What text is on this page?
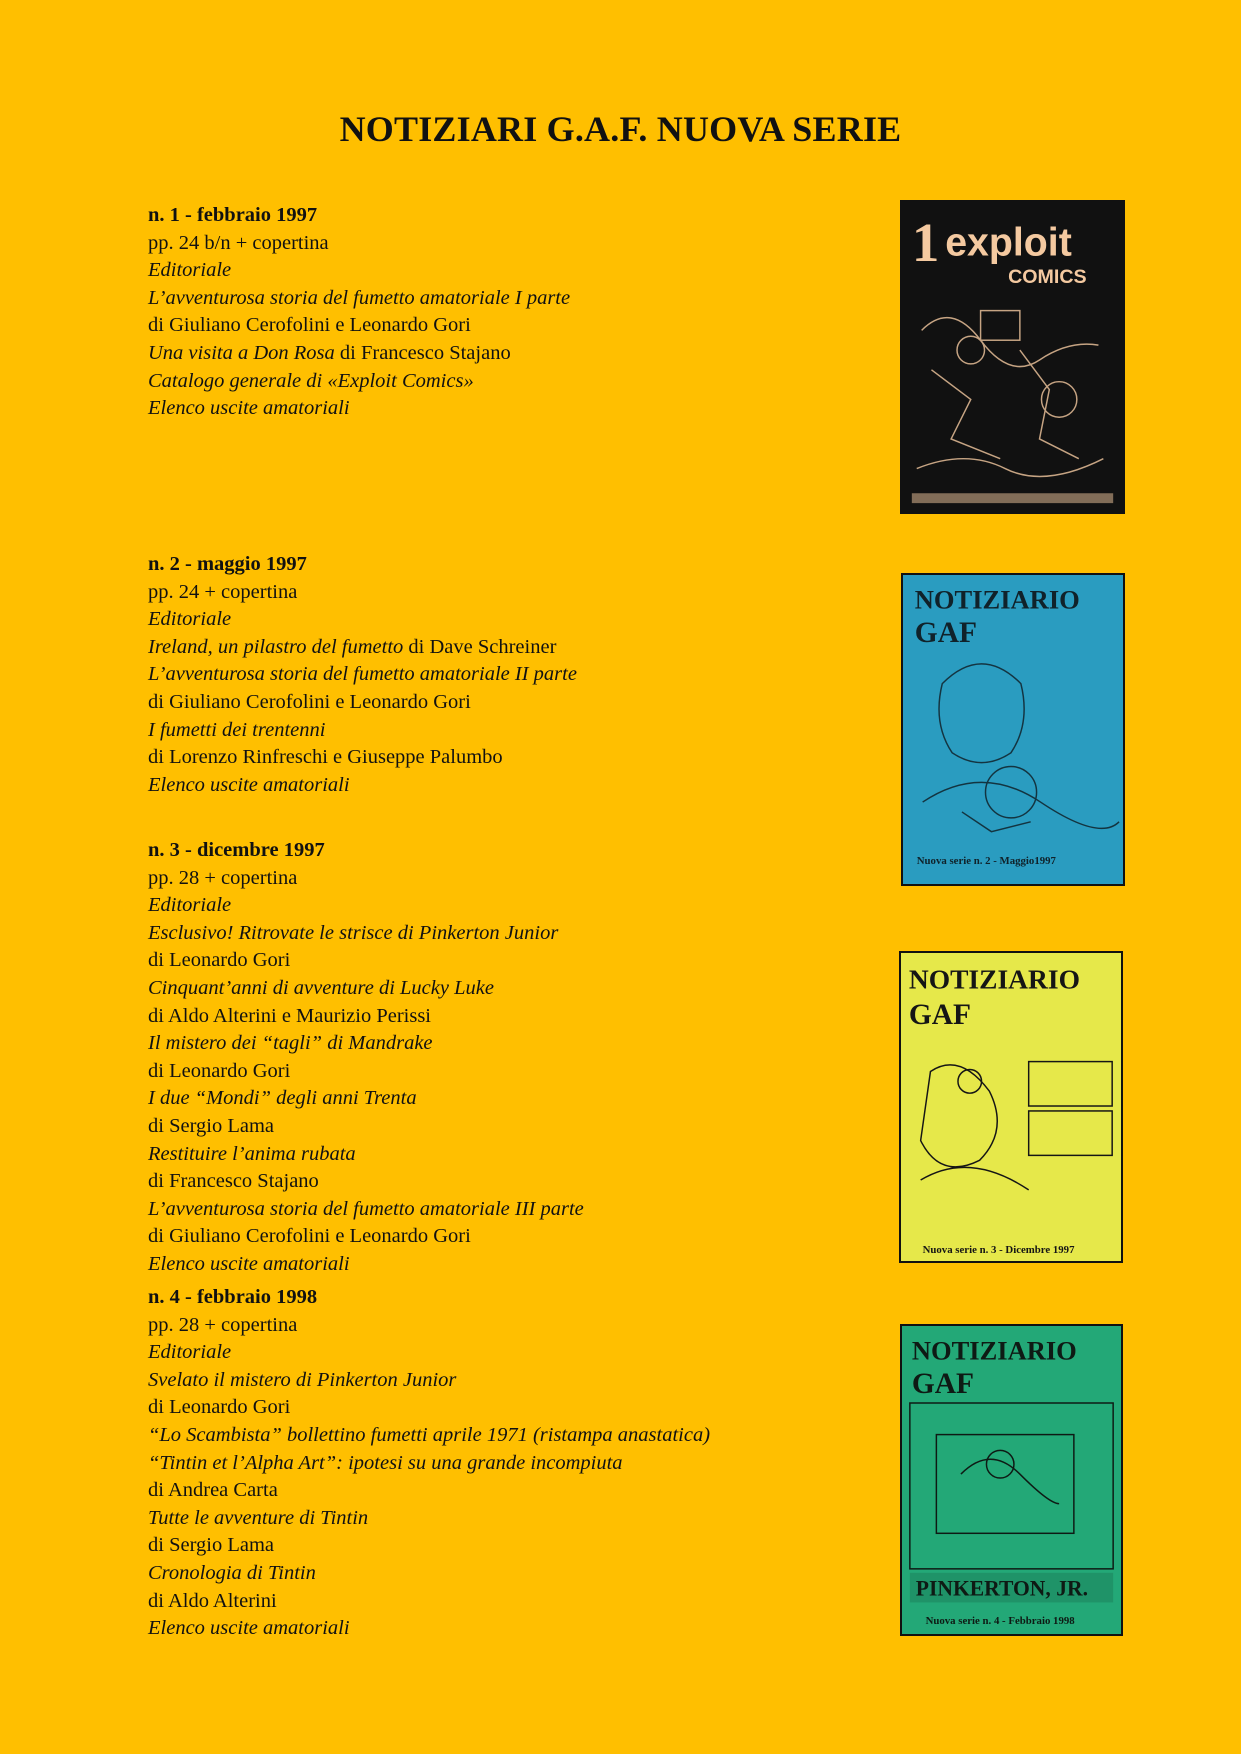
NOTIZIARI G.A.F. NUOVA SERIE
n. 1 - febbraio 1997
pp. 24 b/n + copertina
Editoriale
L’avventurosa storia del fumetto amatoriale I parte
di Giuliano Cerofolini e Leonardo Gori
Una visita a Don Rosa di Francesco Stajano
Catalogo generale di «Exploit Comics»
Elenco uscite amatoriali
1 exploit
COMICS
n. 2 - maggio 1997
pp. 24 + copertina
Editoriale
Ireland, un pilastro del fumetto di Dave Schreiner
L’avventurosa storia del fumetto amatoriale II parte
di Giuliano Cerofolini e Leonardo Gori
I fumetti dei trentenni
di Lorenzo Rinfreschi e Giuseppe Palumbo
Elenco uscite amatoriali
NOTIZIARIO
GAF
Nuova serie n. 2 - Maggio1997
n. 3 - dicembre 1997
pp. 28 + copertina
Editoriale
Esclusivo! Ritrovate le strisce di Pinkerton Junior
di Leonardo Gori
Cinquant’anni di avventure di Lucky Luke
di Aldo Alterini e Maurizio Perissi
Il mistero dei “tagli” di Mandrake
di Leonardo Gori
I due “Mondi” degli anni Trenta
di Sergio Lama
Restituire l’anima rubata
di Francesco Stajano
L’avventurosa storia del fumetto amatoriale III parte
di Giuliano Cerofolini e Leonardo Gori
Elenco uscite amatoriali
NOTIZIARIO
GAF
Nuova serie n. 3 - Dicembre 1997
n. 4 - febbraio 1998
pp. 28 + copertina
Editoriale
Svelato il mistero di Pinkerton Junior
di Leonardo Gori
“Lo Scambista” bollettino fumetti aprile 1971 (ristampa anastatica)
“Tintin et l’Alpha Art”: ipotesi su una grande incompiuta
di Andrea Carta
Tutte le avventure di Tintin
di Sergio Lama
Cronologia di Tintin
di Aldo Alterini
Elenco uscite amatoriali
NOTIZIARIO
GAF
PINKERTON, JR.
Nuova serie n. 4 - Febbraio 1998
